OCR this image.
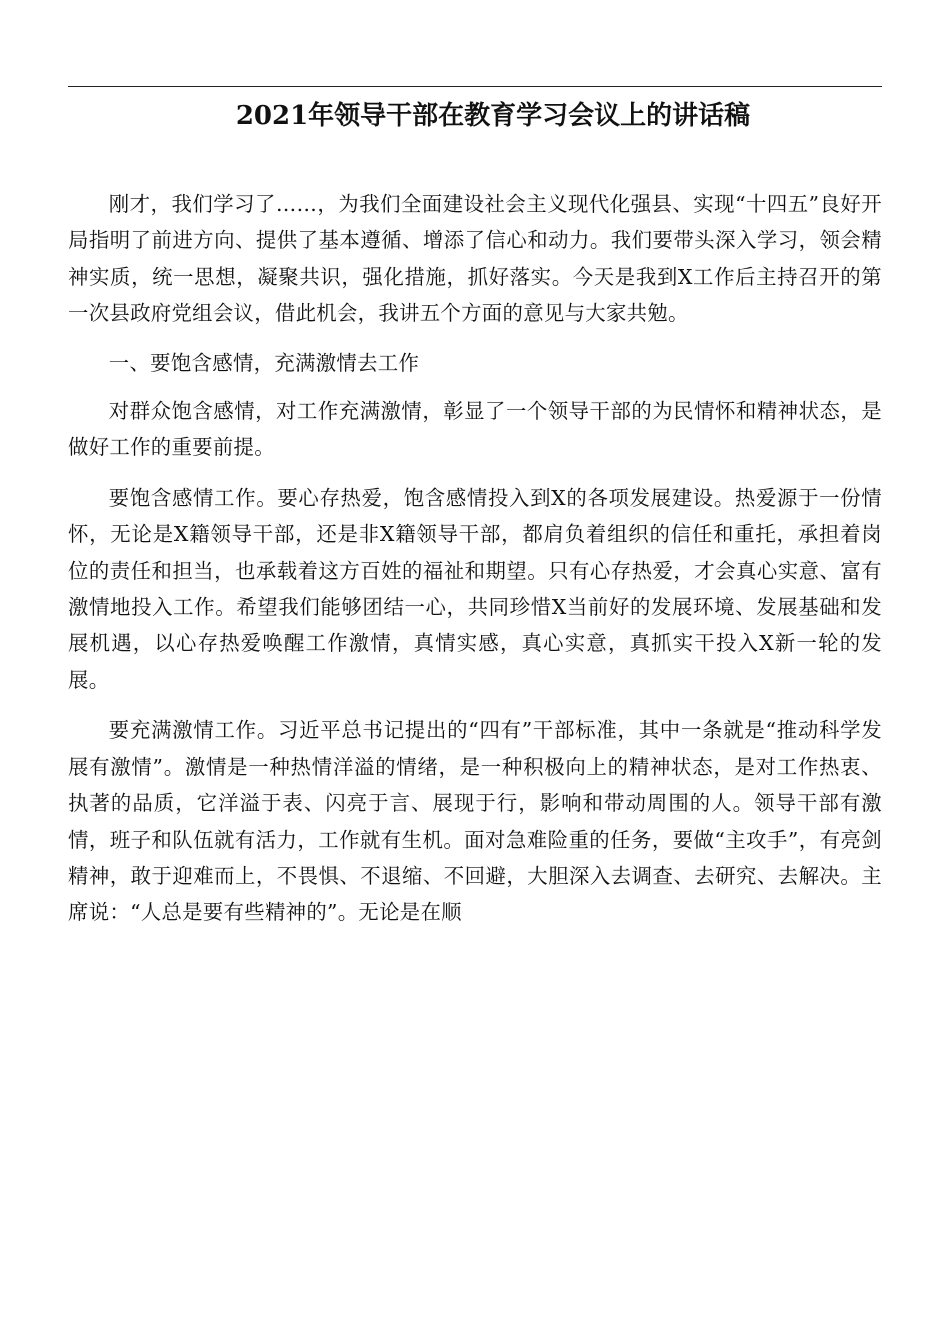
2021年领导干部在教育学习会议上的讲话稿

刚才，我们学习了……，为我们全面建设社会主义现代化强县、实现“十四五”良好开局指明了前进方向、提供了基本遵循、增添了信心和动力。我们要带头深入学习，领会精神实质，统一思想，凝聚共识，强化措施，抓好落实。今天是我到X工作后主持召开的第一次县政府党组会议，借此机会，我讲五个方面的意见与大家共勉。

一、要饱含感情，充满激情去工作

对群众饱含感情，对工作充满激情，彰显了一个领导干部的为民情怀和精神状态，是做好工作的重要前提。

要饱含感情工作。要心存热爱，饱含感情投入到X的各项发展建设。热爱源于一份情怀，无论是X籍领导干部，还是非X籍领导干部，都肩负着组织的信任和重托，承担着岗位的责任和担当，也承载着这方百姓的福祉和期望。只有心存热爱，才会真心实意、富有激情地投入工作。希望我们能够团结一心，共同珍惜X当前好的发展环境、发展基础和发展机遇，以心存热爱唤醒工作激情，真情实感，真心实意，真抓实干投入X新一轮的发展。

要充满激情工作。习近平总书记提出的“四有”干部标准，其中一条就是“推动科学发展有激情”。激情是一种热情洋溢的情绪，是一种积极向上的精神状态，是对工作热衷、执著的品质，它洋溢于表、闪亮于言、展现于行，影响和带动周围的人。领导干部有激情，班子和队伍就有活力，工作就有生机。面对急难险重的任务，要做“主攻手”，有亮剑精神，敢于迎难而上，不畏惧、不退缩、不回避，大胆深入去调查、去研究、去解决。主席说：“人总是要有些精神的”。无论是在顺
